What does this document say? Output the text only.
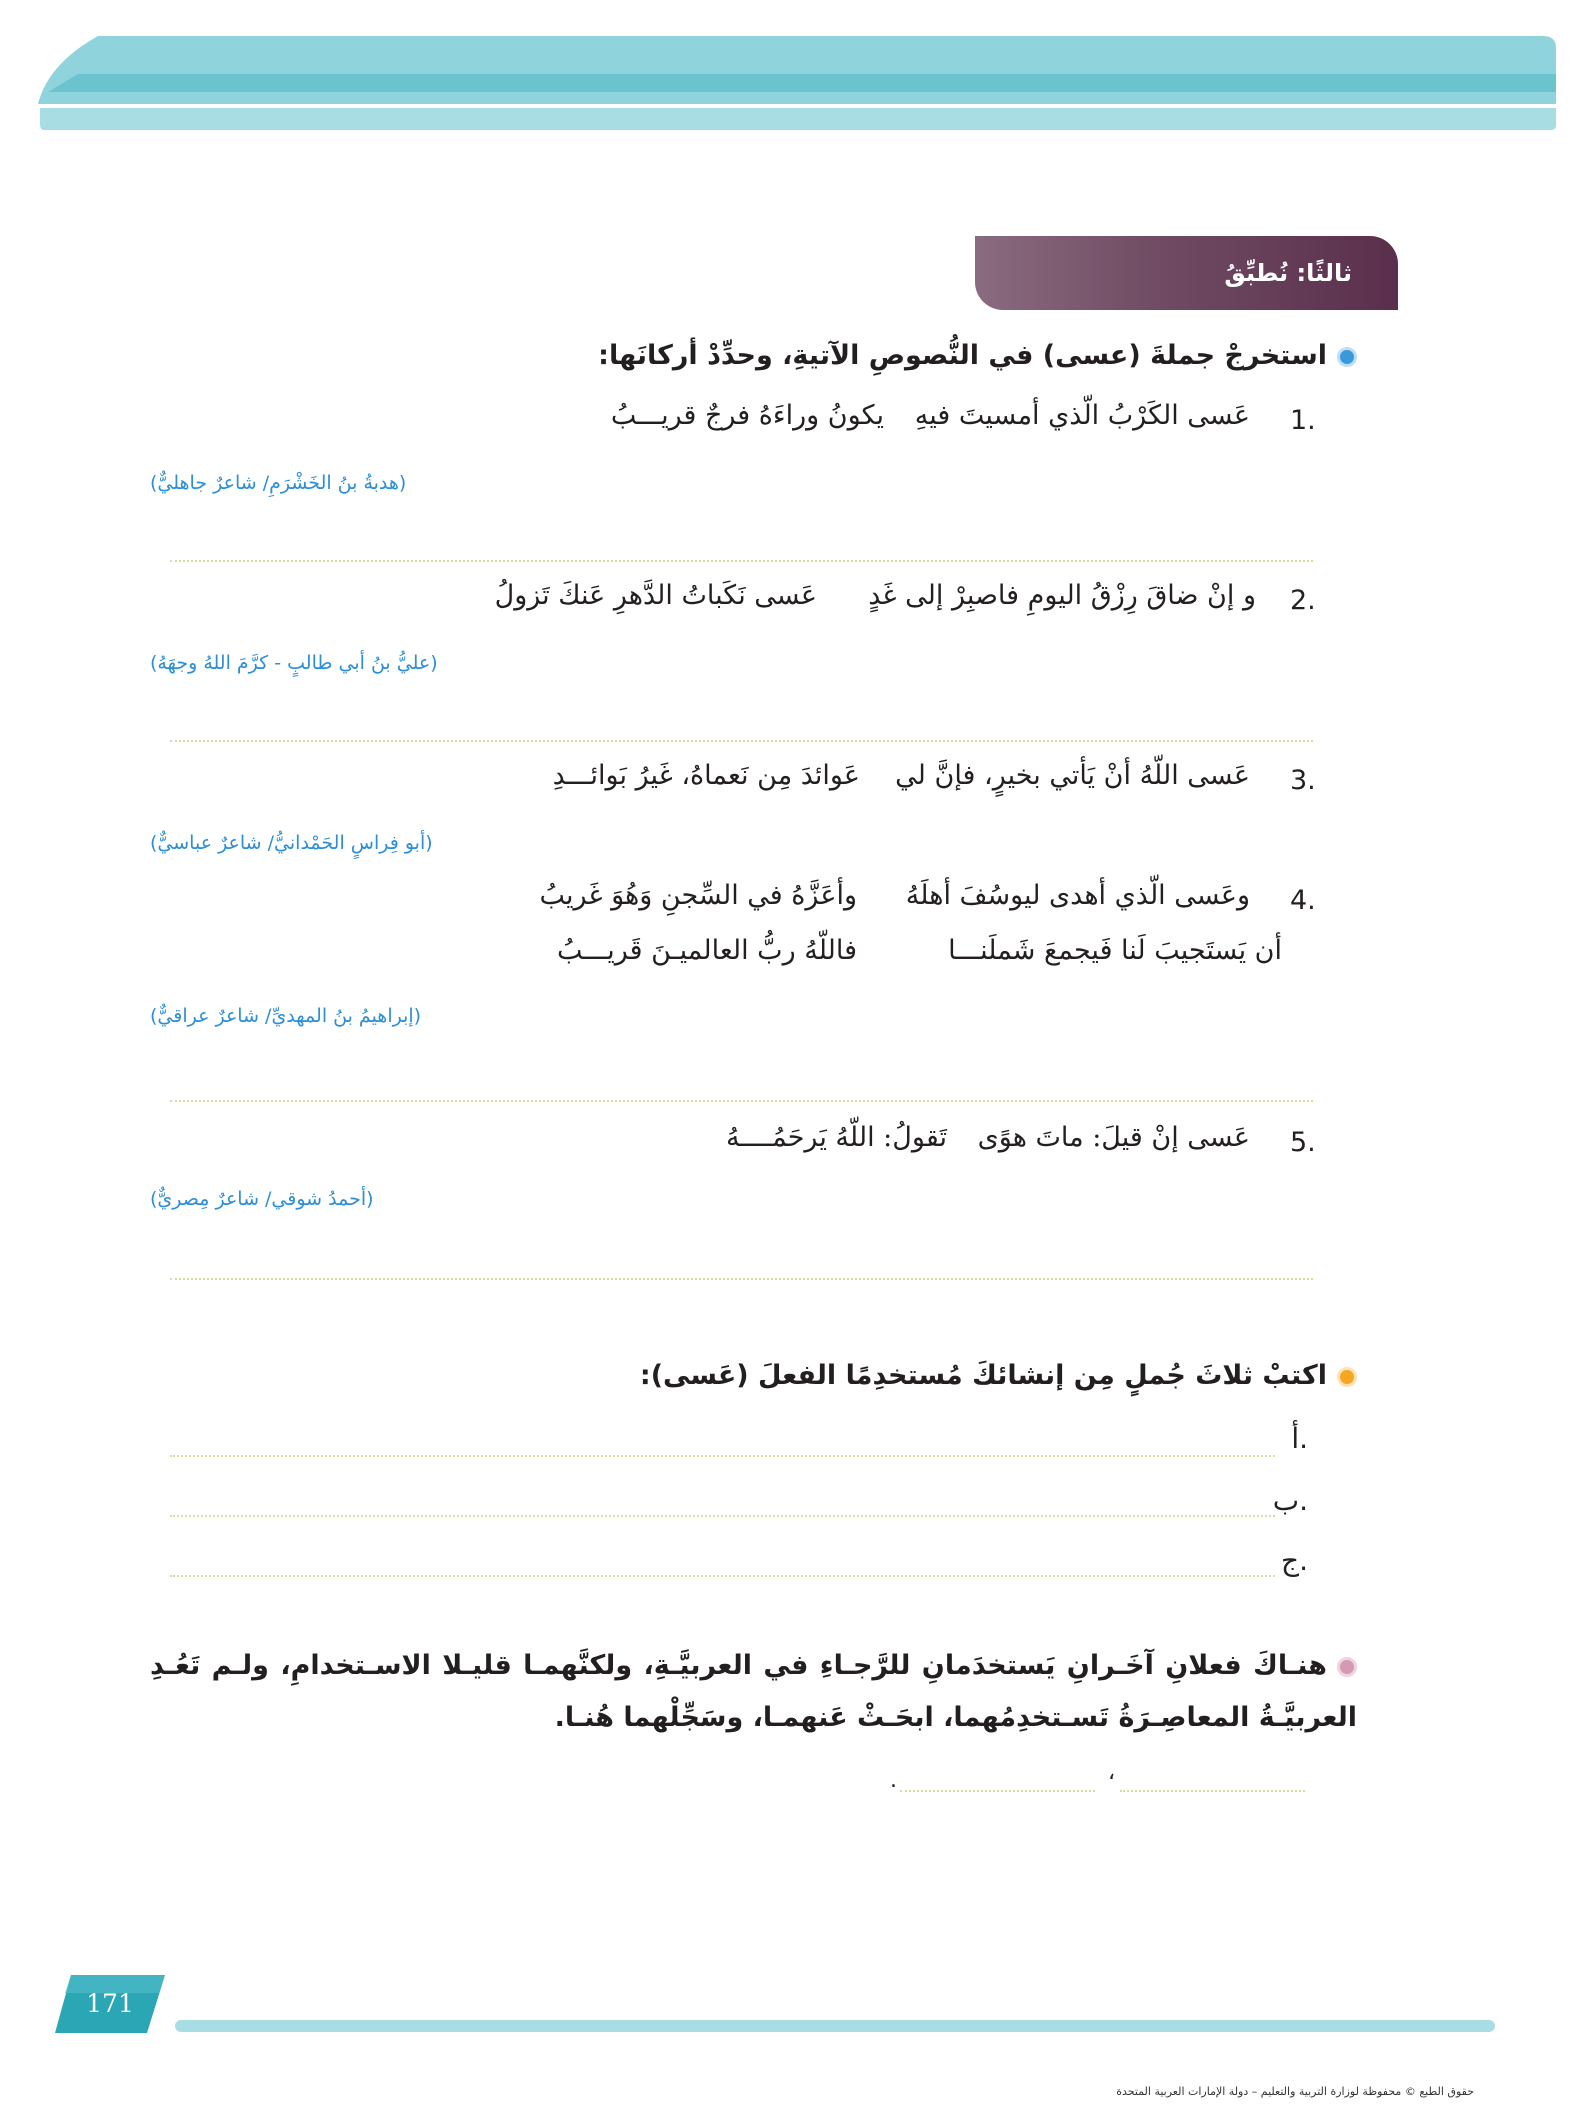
ثالثًا: نُطبِّقُ
استخرجْ جملةَ (عسى) في النُّصوصِ الآتيةِ، وحدِّدْ أركانَها:
1.
عَسى الكَرْبُ الّذي أمسيتَ فيهِ
يكونُ وراءَهُ فرجٌ قريـــبُ
(هدبةُ بنُ الخَشْرَمِ/ شاعرٌ جاهليٌّ)
2.
و إنْ ضاقَ رِزْقُ اليومِ فاصبِرْ إلى غَدٍ
عَسى نَكَباتُ الدَّهرِ عَنكَ تَزولُ
(عليُّ بنُ أبي طالبٍ - كرَّمَ اللهُ وجهَهُ)
3.
عَسى اللّهُ أنْ يَأتي بخيرٍ، فإنَّ لي
عَوائدَ مِن نَعماهُ، غَيرُ بَوائـــدِ
(أبو فِراسٍ الحَمْدانيُّ/ شاعرٌ عباسيٌّ)
4.
وعَسى الّذي أهدى ليوسُفَ أهلَهُ
وأعَزَّهُ في السِّجنِ وَهُوَ غَريبُ
أن يَستَجيبَ لَنا فَيجمعَ شَملَنـــا
فاللّهُ ربُّ العالميـنَ قَريـــبُ
(إبراهيمُ بنُ المهديِّ/ شاعرٌ عراقيٌّ)
5.
عَسى إنْ قيلَ: ماتَ هوًى
تَقولُ: اللّهُ يَرحَمُــــهُ
(أحمدُ شوقي/ شاعرٌ مِصريٌّ)
اكتبْ ثلاثَ جُملٍ مِن إنشائكَ مُستخدِمًا الفعلَ (عَسى):
أ.
ب.
ج.
هنـاكَ فعلانِ آخَـرانِ يَستخدَمانِ للرَّجـاءِ في العربيَّـةِ، ولكنَّهمـا قليـلا الاسـتخدامِ، ولـم تَعُـدِ العربيَّـةُ المعاصِـرَةُ تَسـتخدِمُهما، ابحَـثْ عَنهمـا، وسَجِّلْهما هُنـا.
،
.
171
حقوق الطبع © محفوظة لوزارة التربية والتعليم – دولة الإمارات العربية المتحدة
